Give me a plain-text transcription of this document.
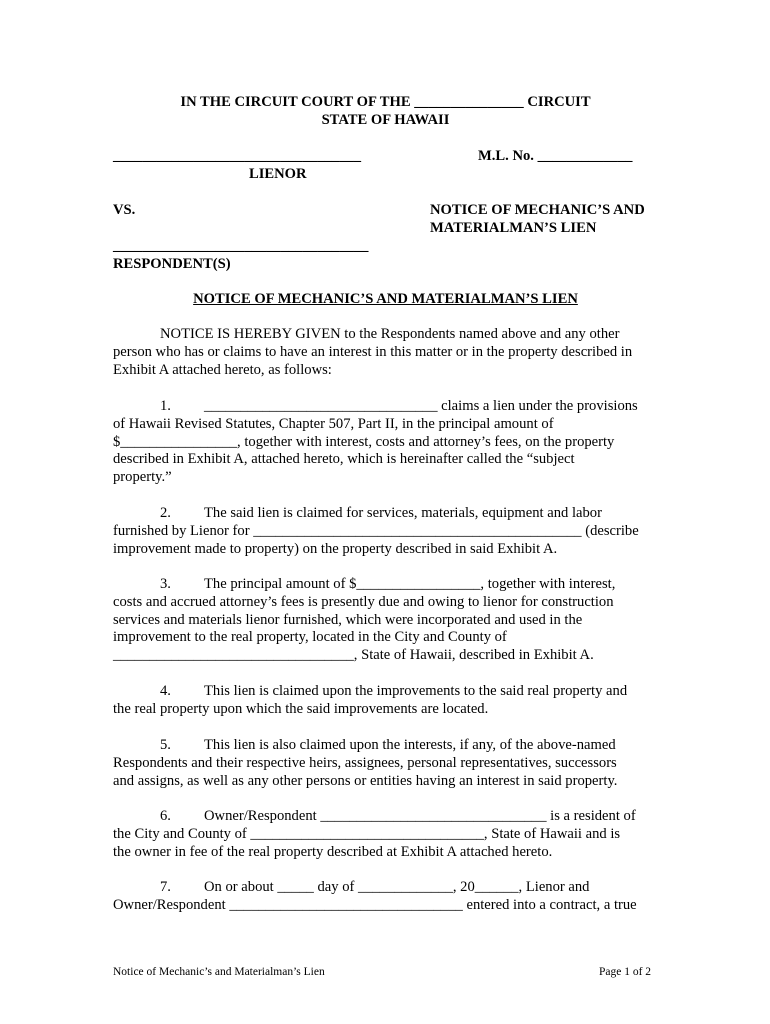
IN THE CIRCUIT COURT OF THE _______________ CIRCUIT
STATE OF HAWAII
__________________________________	M.L. No. _____________
LIENOR
VS.	NOTICE OF MECHANIC’S AND
MATERIALMAN’S LIEN
___________________________________
RESPONDENT(S)
NOTICE OF MECHANIC’S AND MATERIALMAN’S LIEN
NOTICE IS HEREBY GIVEN to the Respondents named above and any other
person who has or claims to have an interest in this matter or in the property described in
Exhibit A attached hereto, as follows:
1. ________________________________ claims a lien under the provisions
of Hawaii Revised Statutes, Chapter 507, Part II, in the principal amount of
$________________, together with interest, costs and attorney’s fees, on the property
described in Exhibit A, attached hereto, which is hereinafter called the “subject
property.”
2. The said lien is claimed for services, materials, equipment and labor
furnished by Lienor for _____________________________________________ (describe
improvement made to property) on the property described in said Exhibit A.
3. The principal amount of $_________________, together with interest,
costs and accrued attorney’s fees is presently due and owing to lienor for construction
services and materials lienor furnished, which were incorporated and used in the
improvement to the real property, located in the City and County of
_________________________________, State of Hawaii, described in Exhibit A.
4. This lien is claimed upon the improvements to the said real property and
the real property upon which the said improvements are located.
5. This lien is also claimed upon the interests, if any, of the above-named
Respondents and their respective heirs, assignees, personal representatives, successors
and assigns, as well as any other persons or entities having an interest in said property.
6. Owner/Respondent _______________________________ is a resident of
the City and County of ________________________________, State of Hawaii and is
the owner in fee of the real property described at Exhibit A attached hereto.
7. On or about _____ day of _____________, 20______, Lienor and
Owner/Respondent ________________________________ entered into a contract, a true
Notice of Mechanic’s and Materialman’s Lien	Page 1 of 2
